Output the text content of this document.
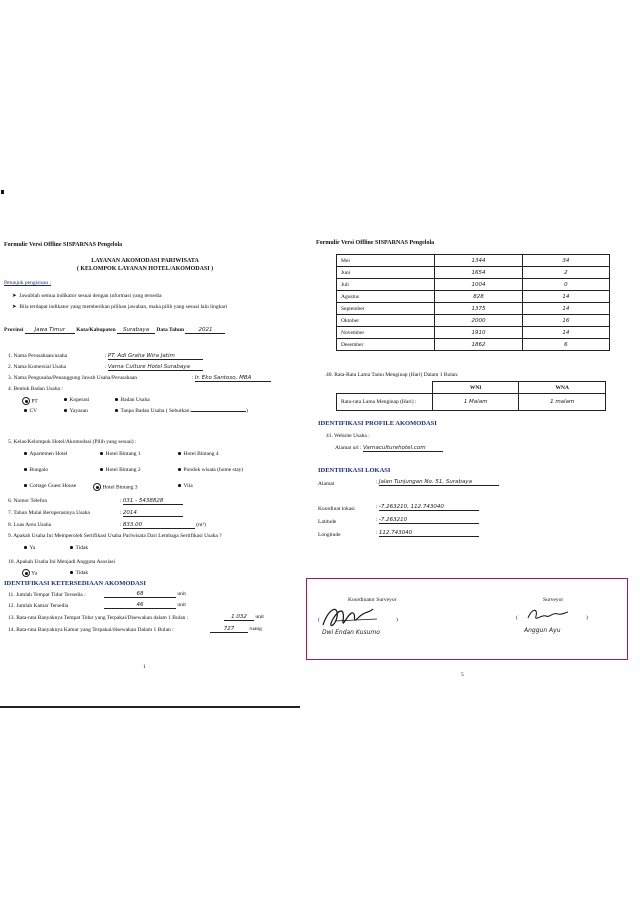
Formulir Versi Offline SISPARNAS Pengelola
LAYANAN AKOMODASI PARIWISATA
( KELOMPOK LAYANAN HOTEL/AKOMODASI )
Petunjuk pengisisan :
➤  Jawablah semua indikator sesuai dengan informasi yang tersedia
➤  Bila terdapat indikator yang memberikan pilihan jawaban, maka pilih yang sesuai lalu lingkari
Provinsi Jawa Timur Kota/Kabupaten Surabaya Data Tahun	2021
1. Nama Perusahaan/usaha	: PT. Adi Graha Wira Jatim
2. Nama Komersial Usaha	: Varna Culture Hotel Surabaya
3. Nama Pengusaha/Penanggung Jawab Usaha/Perusahaan	: Ir. Eko Santoso, MBA
4. Bentuk Badan Usaha :
PT	Koperasi	Badan Usaha
CV	Yayasan	Tanpa Badan Usaha ( Sebutkan:	)
5. Kelas/Kelompok Hotel/Akomodasi (Pilih yang sesuai) :
Apartemen Hotel	Hotel Bintang 1	Hotel Bintang 4
Bungalo	Hotel Bintang 2	Pondok wisata (home stay)
Cottage Guest House	Hotel Bintang 3	Vila
6. Nomor Telefon	: 031 - 5438828
7. Tahun Mulai Beroperasinya Usaha	: 2014
8. Luas Area Usaha	: 833.00	(m²)
9. Apakah Usaha Ini Memperoleh Sertifikasi Usaha Pariwisata Dari Lembaga Sertifikasi Usaha ?
Ya	Tidak
10. Apakah Usaha Ini Menjadi Anggota Asosiasi
Ya	Tidak
IDENTIFIKASI KETERSEDIAAN AKOMODASI
11. Jumlah Tempat Tidur Tersedia :	68	unit
12. Jumlah Kamar Tersedia	46	unit
13. Rata-rata Banyaknya Tempat Tidur yang Terpakai/Disewakan dalam 1 Bulan :	1.032 unit
14. Rata-rata Banyaknya Kamar yang Terpakai/disewakan Dalam 1 Bulan :	727	ruang
1
Formulir Versi Offline SISPARNAS Pengelola
Mei	1344	34
Juni	1654	2
Juli	1004	0
Agustus	828	14
September	1375	14
Oktober	2000	16
November	1910	14
Desember	1862	6
40. Rata-Rata Lama Tamu Menginap (Hari) Dalam 1 Bulan:
	WNI	WNA
Rata-rata Lama Menginap (Hari) :	1 Malam	1 malam
IDENTIFIKASI PROFILE AKOMODASI
41. Website Usaha :
Alamat url : Varnaculturehotel.com
IDENTIFIKASI LOKASI
Alamat	: Jalan Tunjungan No. 51, Surabaya
Koordinat lokasi	: -7.263210, 112.743040
Latitude	: -7.263210
Longitude	: 112.743040
Koordinator Surveyor	Surveyor
(	)
Dwi Endan Kusumo
(	)
Anggun Ayu
5
